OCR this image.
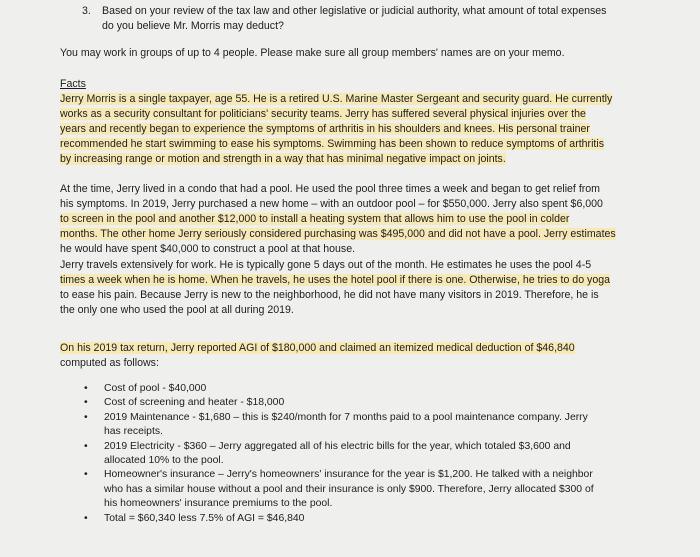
3. Based on your review of the tax law and other legislative or judicial authority, what amount of total expenses
do you believe Mr. Morris may deduct?
You may work in groups of up to 4 people. Please make sure all group members' names are on your memo.
Facts
Jerry Morris is a single taxpayer, age 55. He is a retired U.S. Marine Master Sergeant and security guard. He currently
works as a security consultant for politicians' security teams. Jerry has suffered several physical injuries over the
years and recently began to experience the symptoms of arthritis in his shoulders and knees. His personal trainer
recommended he start swimming to ease his symptoms. Swimming has been shown to reduce symptoms of arthritis
by increasing range or motion and strength in a way that has minimal negative impact on joints.
At the time, Jerry lived in a condo that had a pool. He used the pool three times a week and began to get relief from
his symptoms. In 2019, Jerry purchased a new home – with an outdoor pool – for $550,000. Jerry also spent $6,000
to screen in the pool and another $12,000 to install a heating system that allows him to use the pool in colder
months. The other home Jerry seriously considered purchasing was $495,000 and did not have a pool. Jerry estimates
he would have spent $40,000 to construct a pool at that house.
Jerry travels extensively for work. He is typically gone 5 days out of the month. He estimates he uses the pool 4-5
times a week when he is home. When he travels, he uses the hotel pool if there is one. Otherwise, he tries to do yoga
to ease his pain. Because Jerry is new to the neighborhood, he did not have many visitors in 2019. Therefore, he is
the only one who used the pool at all during 2019.
On his 2019 tax return, Jerry reported AGI of $180,000 and claimed an itemized medical deduction of $46,840
computed as follows:
• Cost of pool - $40,000
• Cost of screening and heater - $18,000
• 2019 Maintenance - $1,680 – this is $240/month for 7 months paid to a pool maintenance company. Jerry
has receipts.
• 2019 Electricity - $360 – Jerry aggregated all of his electric bills for the year, which totaled $3,600 and
allocated 10% to the pool.
• Homeowner's insurance – Jerry's homeowners' insurance for the year is $1,200. He talked with a neighbor
who has a similar house without a pool and their insurance is only $900. Therefore, Jerry allocated $300 of
his homeowners' insurance premiums to the pool.
• Total = $60,340 less 7.5% of AGI = $46,840
